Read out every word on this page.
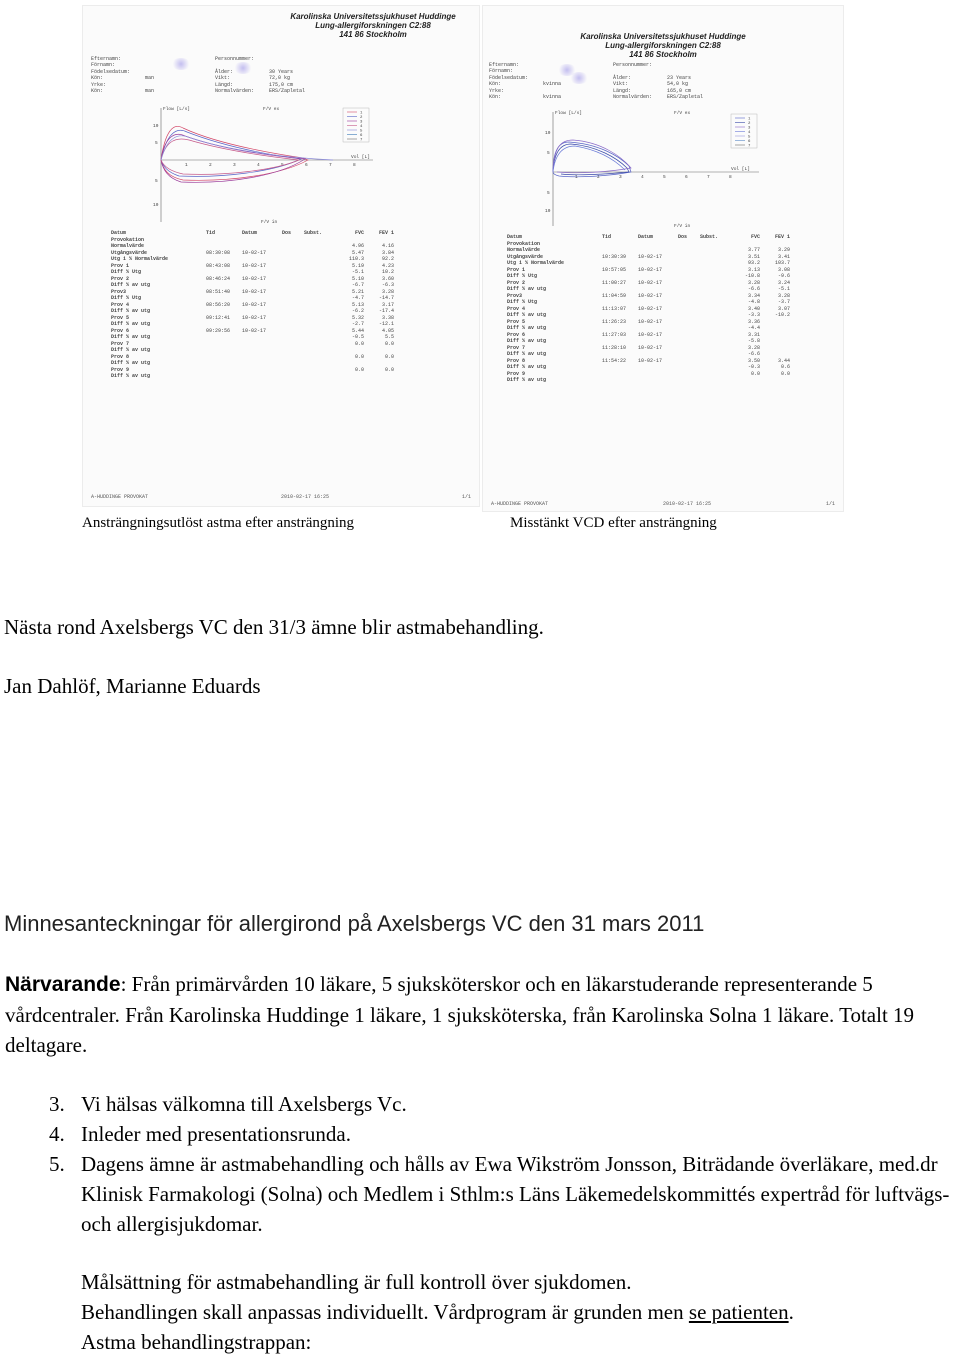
Karolinska Universitetssjukhuset Huddinge
Lung-allergiforskningen C2:88
141 86 Stockholm
Efternamn:	Personnummer:
Förnamn:
Födelsedatum:	Ålder:	30 Years
Kön:	man	Vikt:	72,0 kg
Yrke:	Längd:	175,0 cm
Kön:	man	Normalvärden:	ERS/Zapletal
Flow [L/s]	F/V ex
F/V in
Vol [L]
10
5
5
10
1	2	3	4	5	6	7	8
1
2
3
4
5
6
7
Datum	Tid	Datum	Dos	Subst.	FVC	FEV 1
Provokation
Normalvärde	4.96	4.16
Utgångsvärde	08:30:08	10-02-17	5.47	3.84
Utg i % Normalvärde	110.3	92.2
Prov 1	08:43:08	10-02-17	5.19	4.23
Diff % Utg	-5.1	10.2
Prov 2	08:46:24	10-02-17	5.10	3.60
Diff % av utg	-6.7	-6.3
Prov3	08:51:40	10-02-17	5.21	3.28
Diff % Utg	-4.7	-14.7
Prov 4	08:56:20	10-02-17	5.13	3.17
Diff % av utg	-6.2	-17.4
Prov 5	09:12:41	10-02-17	5.32	3.38
Diff % av utg	-2.7	-12.1
Prov 6	09:29:56	10-02-17	5.44	4.05
Diff % av utg	-0.5	5.5
Prov 7	0.0	0.0
Diff % av utg
Prov 8	0.0	0.0
Diff % av utg
Prov 9	0.0	0.0
Diff % av utg
A-HUDDINGE PROVOKAT	2010-02-17 16:25	1/1
Karolinska Universitetssjukhuset Huddinge
Lung-allergiforskningen C2:88
141 86 Stockholm
Efternamn:	Personnummer:
Förnamn:
Födelsedatum:	Ålder:	23 Years
Kön:	kvinna	Vikt:	54,0 kg
Yrke:	Längd:	165,0 cm
Kön:	kvinna	Normalvärden:	ERS/Zapletal
Flow [L/s]	F/V ex
F/V in
Vol [L]
10
5
5
10
1	2	3	4	5	6	7	8
1
2
3
4
5
6
7
Datum	Tid	Datum	Dos	Subst.	FVC	FEV 1
Provokation
Normalvärde	3.77	3.29
Utgångsvärde	10:30:39	10-02-17	3.51	3.41
Utg i % Normalvärde	93.2	103.7
Prov 1	10:57:05	10-02-17	3.13	3.08
Diff % Utg	-10.8	-9.6
Prov 2	11:00:27	10-02-17	3.28	3.24
Diff % av utg	-6.6	-5.1
Prov3	11:04:59	10-02-17	3.34	3.28
Diff % Utg	-4.8	-3.7
Prov 4	11:13:07	10-02-17	3.40	3.07
Diff % av utg	-3.3	-10.2
Prov 5	11:26:23	10-02-17	3.36
Diff % av utg	-4.4
Prov 6	11:27:03	10-02-17	3.31
Diff % av utg	-5.8
Prov 7	11:28:10	10-02-17	3.28
Diff % av utg	-6.6
Prov 8	11:54:22	10-02-17	3.50	3.44
Diff % av utg	-0.3	0.6
Prov 9	0.0	0.0
Diff % av utg
A-HUDDINGE PROVOKAT	2010-02-17 16:25	1/1
Ansträngningsutlöst astma efter ansträngning	Misstänkt VCD efter ansträngning
Nästa rond Axelsbergs VC den 31/3 ämne blir astmabehandling.
Jan Dahlöf, Marianne Eduards
Minnesanteckningar för allergirond på Axelsbergs VC den 31 mars 2011
Närvarande: Från primärvården 10 läkare, 5 sjuksköterskor och en läkarstuderande representerande 5 vårdcentraler. Från Karolinska Huddinge 1 läkare, 1 sjuksköterska, från Karolinska Solna 1 läkare. Totalt 19 deltagare.
3. Vi hälsas välkomna till Axelsbergs Vc.
4. Inleder med presentationsrunda.
5. Dagens ämne är astmabehandling och hålls av Ewa Wikström Jonsson, Biträdande överläkare, med.dr Klinisk Farmakologi (Solna) och Medlem i Sthlm:s Läns Läkemedelskommittés expertråd för luftvägs- och allergisjukdomar.
Målsättning för astmabehandling är full kontroll över sjukdomen.
Behandlingen skall anpassas individuellt. Vårdprogram är grunden men se patienten.
Astma behandlingstrappan:
